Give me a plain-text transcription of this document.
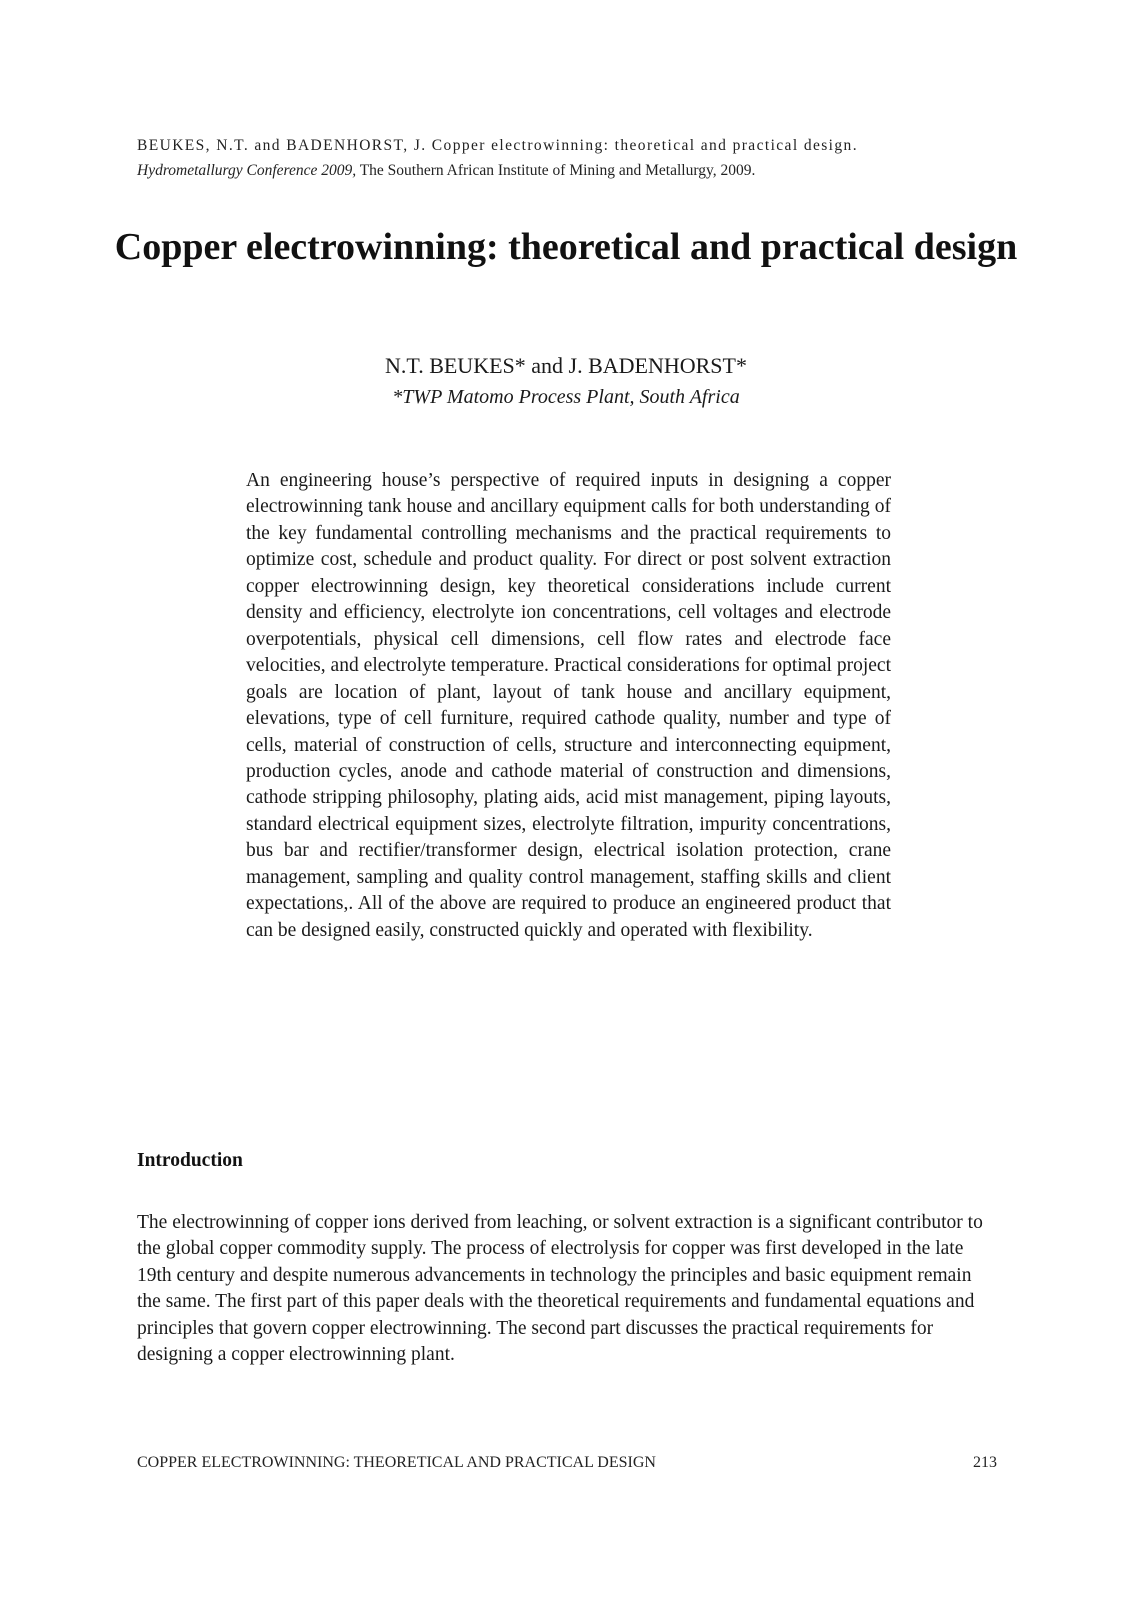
BEUKES, N.T. and BADENHORST, J. Copper electrowinning: theoretical and practical design.
Hydrometallurgy Conference 2009, The Southern African Institute of Mining and Metallurgy, 2009.
Copper electrowinning: theoretical and practical design
N.T. BEUKES* and J. BADENHORST*
*TWP Matomo Process Plant, South Africa

An engineering house’s perspective of required inputs in designing a copper electrowinning tank house and ancillary equipment calls for both understanding of the key fundamental controlling mechanisms and the practical requirements to optimize cost, schedule and product quality. For direct or post solvent extraction copper electrowinning design, key theoretical considerations include current density and efficiency, electrolyte ion concentrations, cell voltages and electrode overpotentials, physical cell dimensions, cell flow rates and electrode face velocities, and electrolyte temperature. Practical considerations for optimal project goals are location of plant, layout of tank house and ancillary equipment, elevations, type of cell furniture, required cathode quality, number and type of cells, material of construction of cells, structure and interconnecting equipment, production cycles, anode and cathode material of construction and dimensions, cathode stripping philosophy, plating aids, acid mist management, piping layouts, standard electrical equipment sizes, electrolyte filtration, impurity concentrations, bus bar and rectifier/transformer design, electrical isolation protection, crane management, sampling and quality control management, staffing skills and client expectations,. All of the above are required to produce an engineered product that can be designed easily, constructed quickly and operated with flexibility.

Introduction

The electrowinning of copper ions derived from leaching, or solvent extraction is a significant contributor to the global copper commodity supply. The process of electrolysis for copper was first developed in the late 19th century and despite numerous advancements in technology the principles and basic equipment remain the same. The first part of this paper deals with the theoretical requirements and fundamental equations and principles that govern copper electrowinning. The second part discusses the practical requirements for designing a copper electrowinning plant.

COPPER ELECTROWINNING: THEORETICAL AND PRACTICAL DESIGN	213
